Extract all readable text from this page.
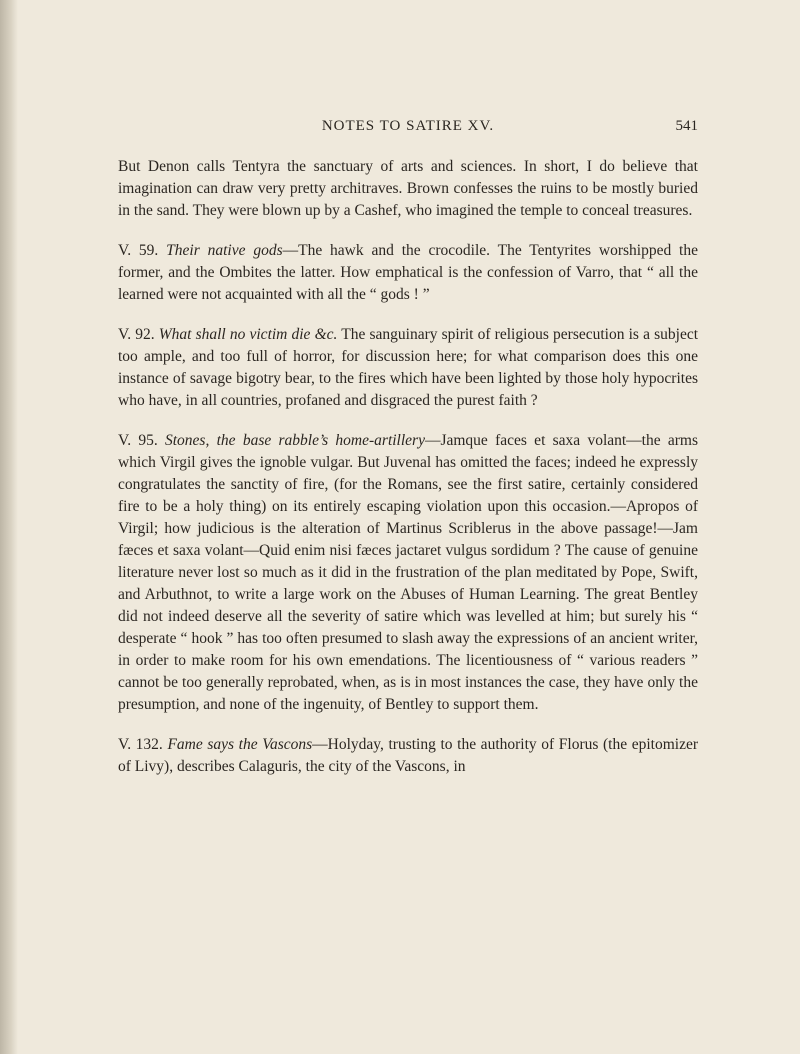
NOTES TO SATIRE XV.	541

But Denon calls Tentyra the sanctuary of arts and sciences. In short, I do believe that imagination can draw very pretty architraves. Brown confesses the ruins to be mostly buried in the sand. They were blown up by a Cashef, who imagined the temple to conceal treasures.

V. 59. Their native gods—The hawk and the crocodile. The Tentyrites worshipped the former, and the Ombites the latter. How emphatical is the confession of Varro, that “ all the learned were not acquainted with all the “ gods ! ”

V. 92. What shall no victim die &c. The sanguinary spirit of religious persecution is a subject too ample, and too full of horror, for discussion here; for what comparison does this one instance of savage bigotry bear, to the fires which have been lighted by those holy hypocrites who have, in all countries, profaned and disgraced the purest faith ?

V. 95. Stones, the base rabble’s home-artillery—Jamque faces et saxa volant—the arms which Virgil gives the ignoble vulgar. But Juvenal has omitted the faces; indeed he expressly congratulates the sanctity of fire, (for the Romans, see the first satire, certainly considered fire to be a holy thing) on its entirely escaping violation upon this occasion.—Apropos of Virgil; how judicious is the alteration of Martinus Scriblerus in the above passage!—Jam fæces et saxa volant—Quid enim nisi fæces jactaret vulgus sordidum ? The cause of genuine literature never lost so much as it did in the frustration of the plan meditated by Pope, Swift, and Arbuthnot, to write a large work on the Abuses of Human Learning. The great Bentley did not indeed deserve all the severity of satire which was levelled at him; but surely his “ desperate “ hook ” has too often presumed to slash away the expressions of an ancient writer, in order to make room for his own emendations. The licentiousness of “ various readers ” cannot be too generally reprobated, when, as is in most instances the case, they have only the presumption, and none of the ingenuity, of Bentley to support them.

V. 132. Fame says the Vascons—Holyday, trusting to the authority of Florus (the epitomizer of Livy), describes Calaguris, the city of the Vascons, in
